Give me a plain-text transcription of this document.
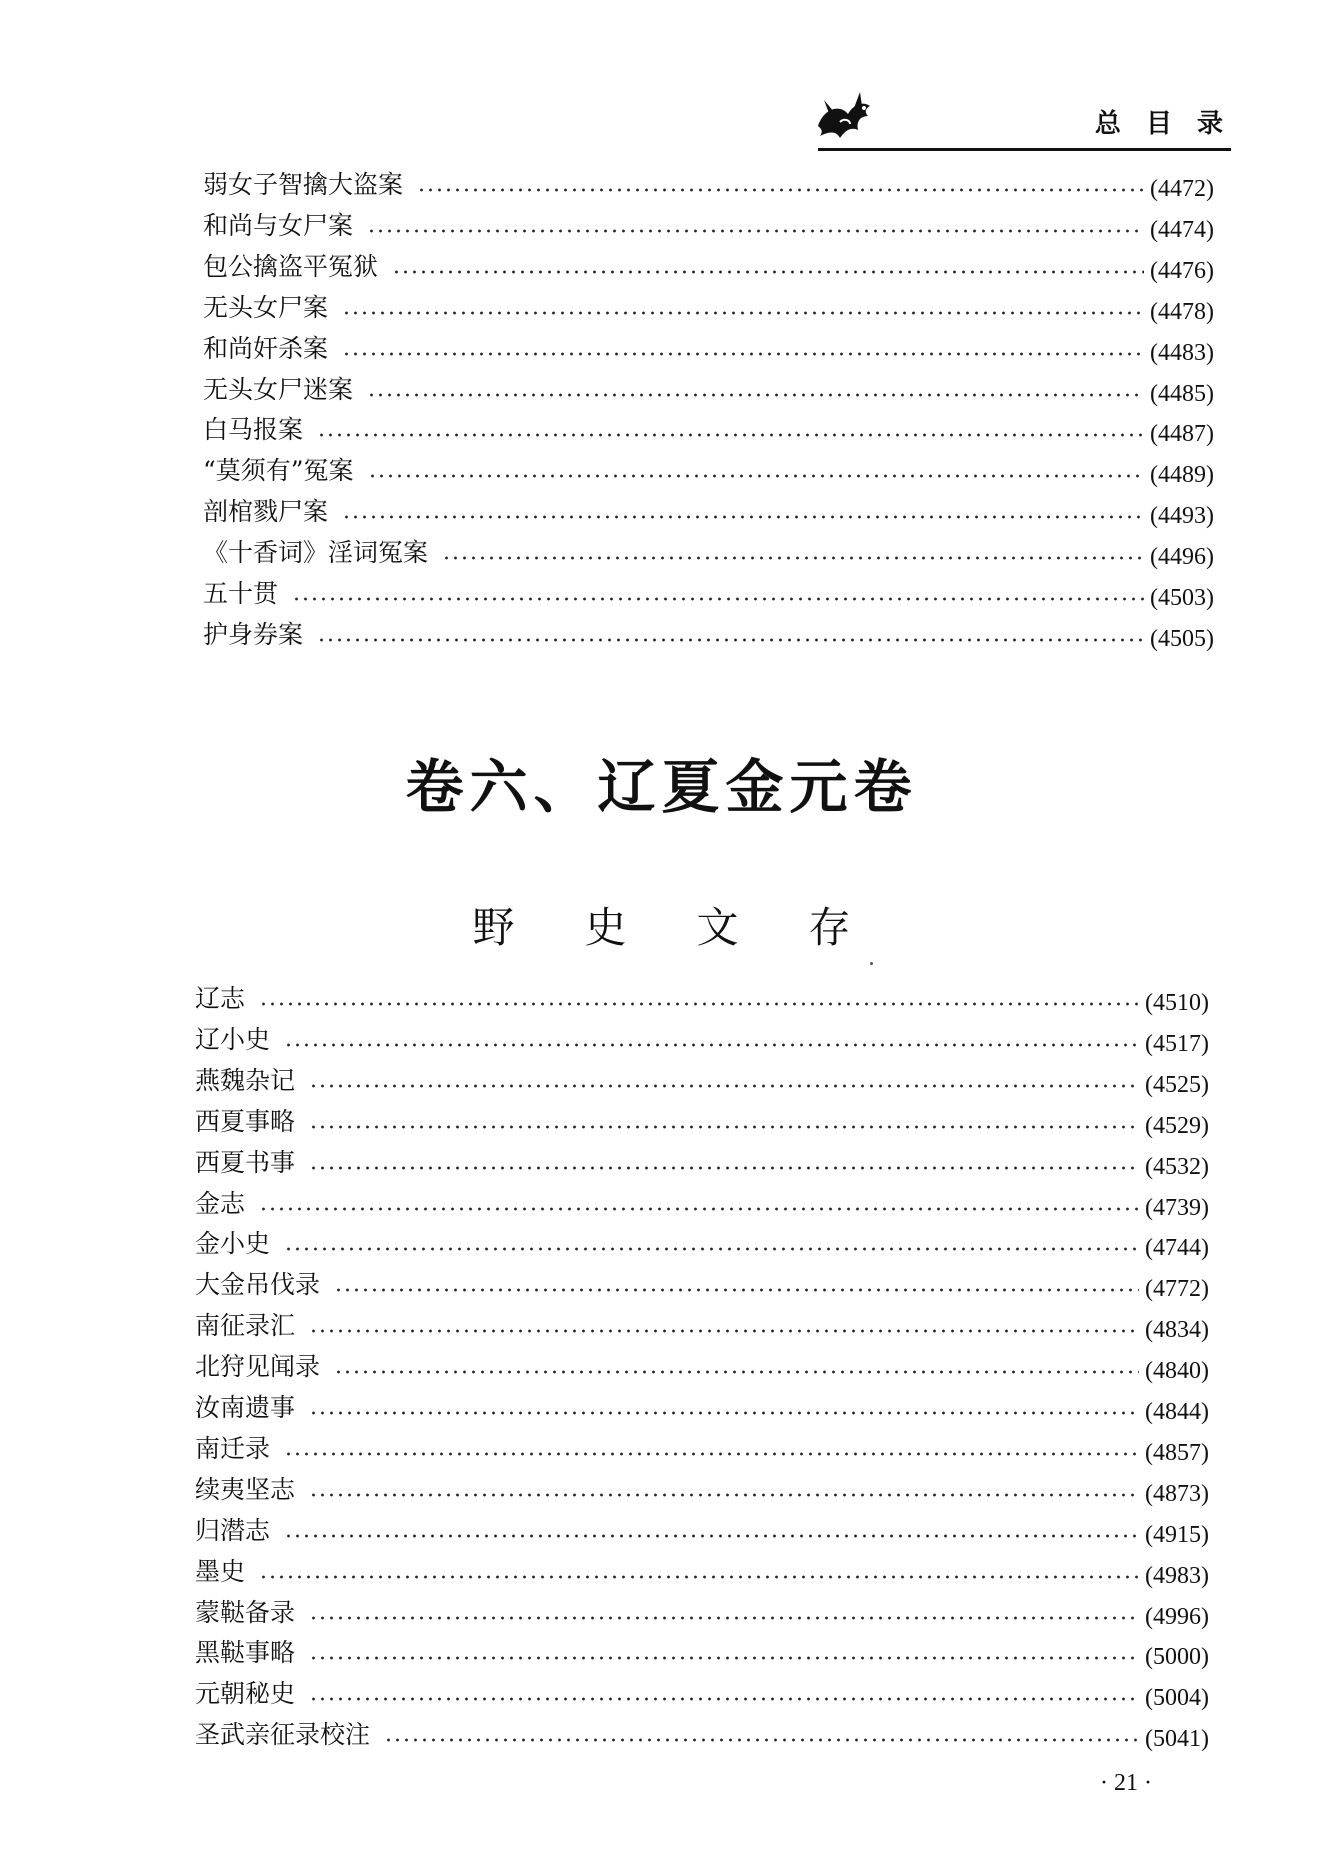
总 目 录
弱女子智擒大盗案	(4472)
和尚与女尸案	(4474)
包公擒盗平冤狱	(4476)
无头女尸案	(4478)
和尚奸杀案	(4483)
无头女尸迷案	(4485)
白马报案	(4487)
“莫须有”冤案	(4489)
剖棺戮尸案	(4493)
《十香词》淫词冤案	(4496)
五十贯	(4503)
护身券案	(4505)
卷六、辽夏金元卷
野史文存
辽志	(4510)
辽小史	(4517)
燕魏杂记	(4525)
西夏事略	(4529)
西夏书事	(4532)
金志	(4739)
金小史	(4744)
大金吊伐录	(4772)
南征录汇	(4834)
北狩见闻录	(4840)
汝南遗事	(4844)
南迁录	(4857)
续夷坚志	(4873)
归潜志	(4915)
墨史	(4983)
蒙鞑备录	(4996)
黑鞑事略	(5000)
元朝秘史	(5004)
圣武亲征录校注	(5041)
· 21 ·
